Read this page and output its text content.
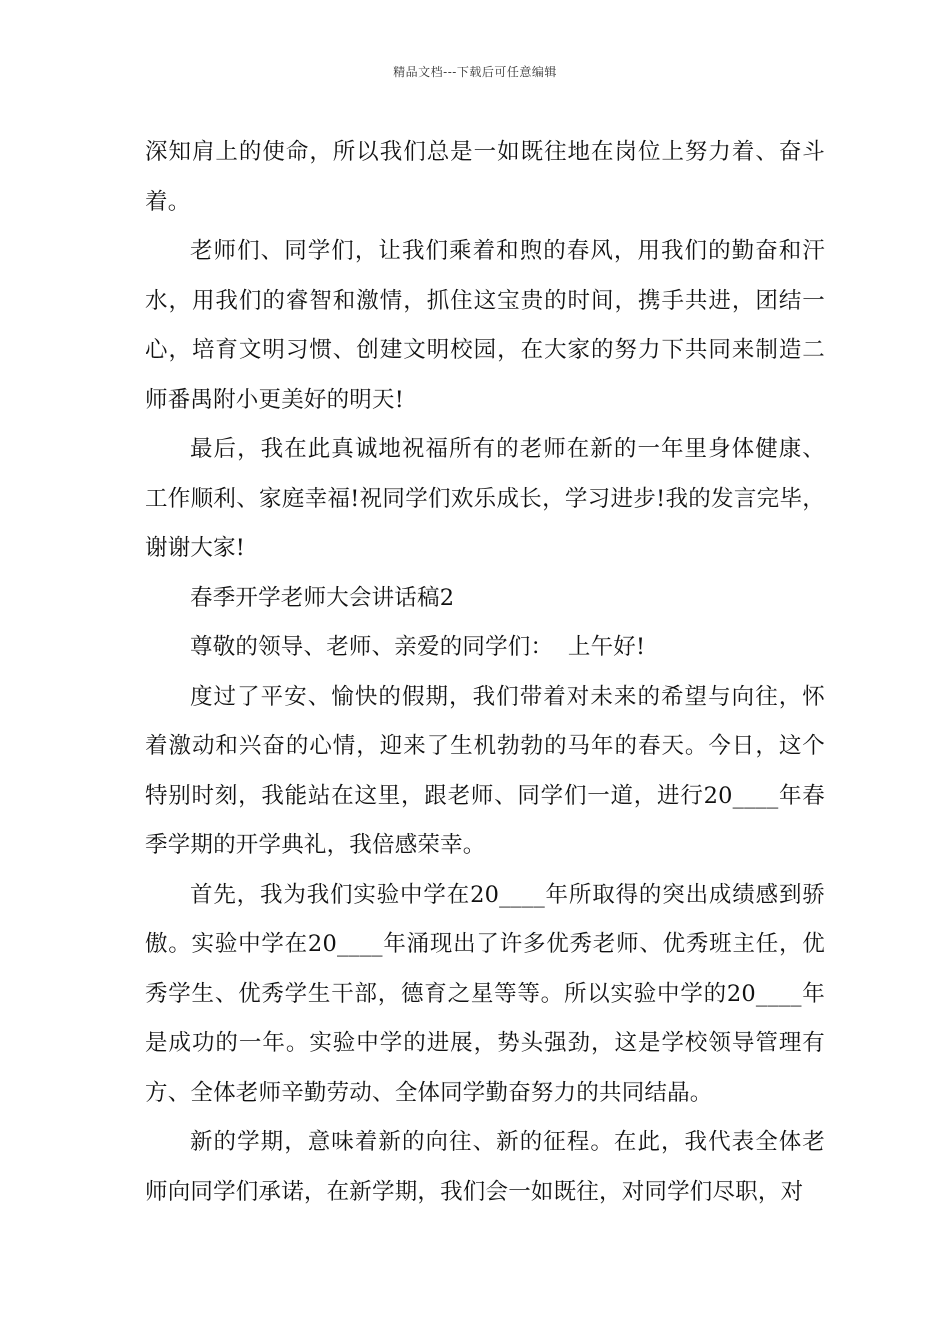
精品文档---下载后可任意编辑

深知肩上的使命，所以我们总是一如既往地在岗位上努力着、奋斗着。

老师们、同学们，让我们乘着和煦的春风，用我们的勤奋和汗水，用我们的睿智和激情，抓住这宝贵的时间，携手共进，团结一心，培育文明习惯、创建文明校园，在大家的努力下共同来制造二师番禺附小更美好的明天!

最后，我在此真诚地祝福所有的老师在新的一年里身体健康、工作顺利、家庭幸福!祝同学们欢乐成长，学习进步!我的发言完毕，谢谢大家!

春季开学老师大会讲话稿2

尊敬的领导、老师、亲爱的同学们：  上午好!

度过了平安、愉快的假期，我们带着对未来的希望与向往，怀着激动和兴奋的心情，迎来了生机勃勃的马年的春天。今日，这个特别时刻，我能站在这里，跟老师、同学们一道，进行20____年春季学期的开学典礼，我倍感荣幸。

首先，我为我们实验中学在20____年所取得的突出成绩感到骄傲。实验中学在20____年涌现出了许多优秀老师、优秀班主任，优秀学生、优秀学生干部，德育之星等等。所以实验中学的20____年是成功的一年。实验中学的进展，势头强劲，这是学校领导管理有方、全体老师辛勤劳动、全体同学勤奋努力的共同结晶。

新的学期，意味着新的向往、新的征程。在此，我代表全体老师向同学们承诺，在新学期，我们会一如既往，对同学们尽职，对
